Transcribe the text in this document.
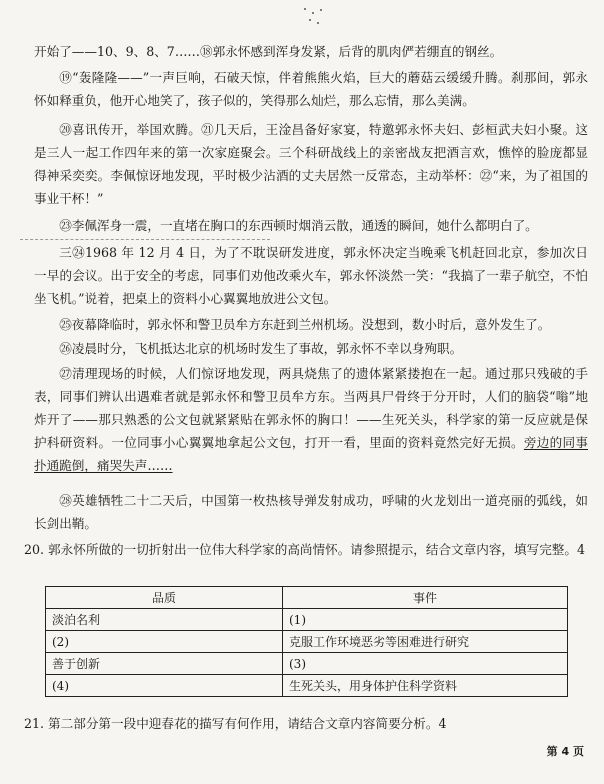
开始了——10、9、8、7……⑱郭永怀感到浑身发紧，后背的肌肉俨若绷直的钢丝。

⑲“轰隆隆——”一声巨响，石破天惊，伴着熊熊火焰，巨大的蘑菇云缓缓升腾。刹那间，郭永怀如释重负，他开心地笑了，孩子似的，笑得那么灿烂，那么忘情，那么美满。

⑳喜讯传开，举国欢腾。㉑几天后，王淦昌备好家宴，特邀郭永怀夫妇、彭桓武夫妇小聚。这是三人一起工作四年来的第一次家庭聚会。三个科研战线上的亲密战友把酒言欢，憔悴的脸庞都显得神采奕奕。李佩惊讶地发现，平时极少沾酒的丈夫居然一反常态，主动举杯：㉒“来，为了祖国的事业干杯！”

㉓李佩浑身一震，一直堵在胸口的东西顿时烟消云散，通透的瞬间，她什么都明白了。

三㉔1968 年 12 月 4 日，为了不耽误研发进度，郭永怀决定当晚乘飞机赶回北京，参加次日一早的会议。出于安全的考虑，同事们劝他改乘火车，郭永怀淡然一笑：“我搞了一辈子航空，不怕坐飞机。”说着，把桌上的资料小心翼翼地放进公文包。

㉕夜幕降临时，郭永怀和警卫员牟方东赶到兰州机场。没想到，数小时后，意外发生了。

㉖凌晨时分，飞机抵达北京的机场时发生了事故，郭永怀不幸以身殉职。

㉗清理现场的时候，人们惊讶地发现，两具烧焦了的遗体紧紧搂抱在一起。通过那只残破的手表，同事们辨认出遇难者就是郭永怀和警卫员牟方东。当两具尸骨终于分开时，人们的脑袋“嗡”地炸开了——那只熟悉的公文包就紧紧贴在郭永怀的胸口！——生死关头，科学家的第一反应就是保护科研资料。一位同事小心翼翼地拿起公文包，打开一看，里面的资料竟然完好无损。旁边的同事扑通跪倒，痛哭失声……

㉘英雄牺牲二十二天后，中国第一枚热核导弹发射成功，呼啸的火龙划出一道亮丽的弧线，如长剑出鞘。

20. 郭永怀所做的一切折射出一位伟大科学家的高尚情怀。请参照提示，结合文章内容，填写完整。4

品质	事件
淡泊名利	(1)
(2)	克服工作环境恶劣等困难进行研究
善于创新	(3)
(4)	生死关头，用身体护住科学资料

21. 第二部分第一段中迎春花的描写有何作用，请结合文章内容简要分析。4

第 4 页
